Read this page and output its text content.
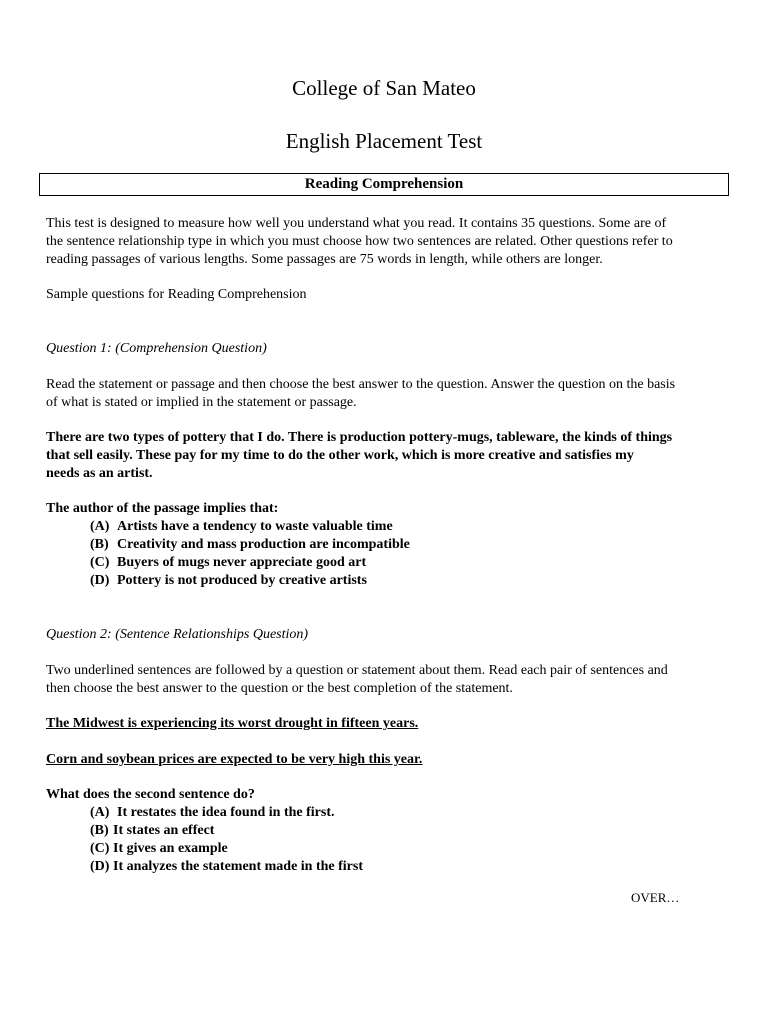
College of San Mateo
English Placement Test
Reading Comprehension
This test is designed to measure how well you understand what you read. It contains 35 questions. Some are of
the sentence relationship type in which you must choose how two sentences are related. Other questions refer to
reading passages of various lengths. Some passages are 75 words in length, while others are longer.
Sample questions for Reading Comprehension
Question 1: (Comprehension Question)
Read the statement or passage and then choose the best answer to the question. Answer the question on the basis
of what is stated or implied in the statement or passage.
There are two types of pottery that I do. There is production pottery-mugs, tableware, the kinds of things
that sell easily. These pay for my time to do the other work, which is more creative and satisfies my
needs as an artist.
The author of the passage implies that:
(A) Artists have a tendency to waste valuable time
(B) Creativity and mass production are incompatible
(C) Buyers of mugs never appreciate good art
(D) Pottery is not produced by creative artists
Question 2: (Sentence Relationships Question)
Two underlined sentences are followed by a question or statement about them. Read each pair of sentences and
then choose the best answer to the question or the best completion of the statement.
The Midwest is experiencing its worst drought in fifteen years.
Corn and soybean prices are expected to be very high this year.
What does the second sentence do?
(A) It restates the idea found in the first.
(B) It states an effect
(C) It gives an example
(D) It analyzes the statement made in the first
OVER…
